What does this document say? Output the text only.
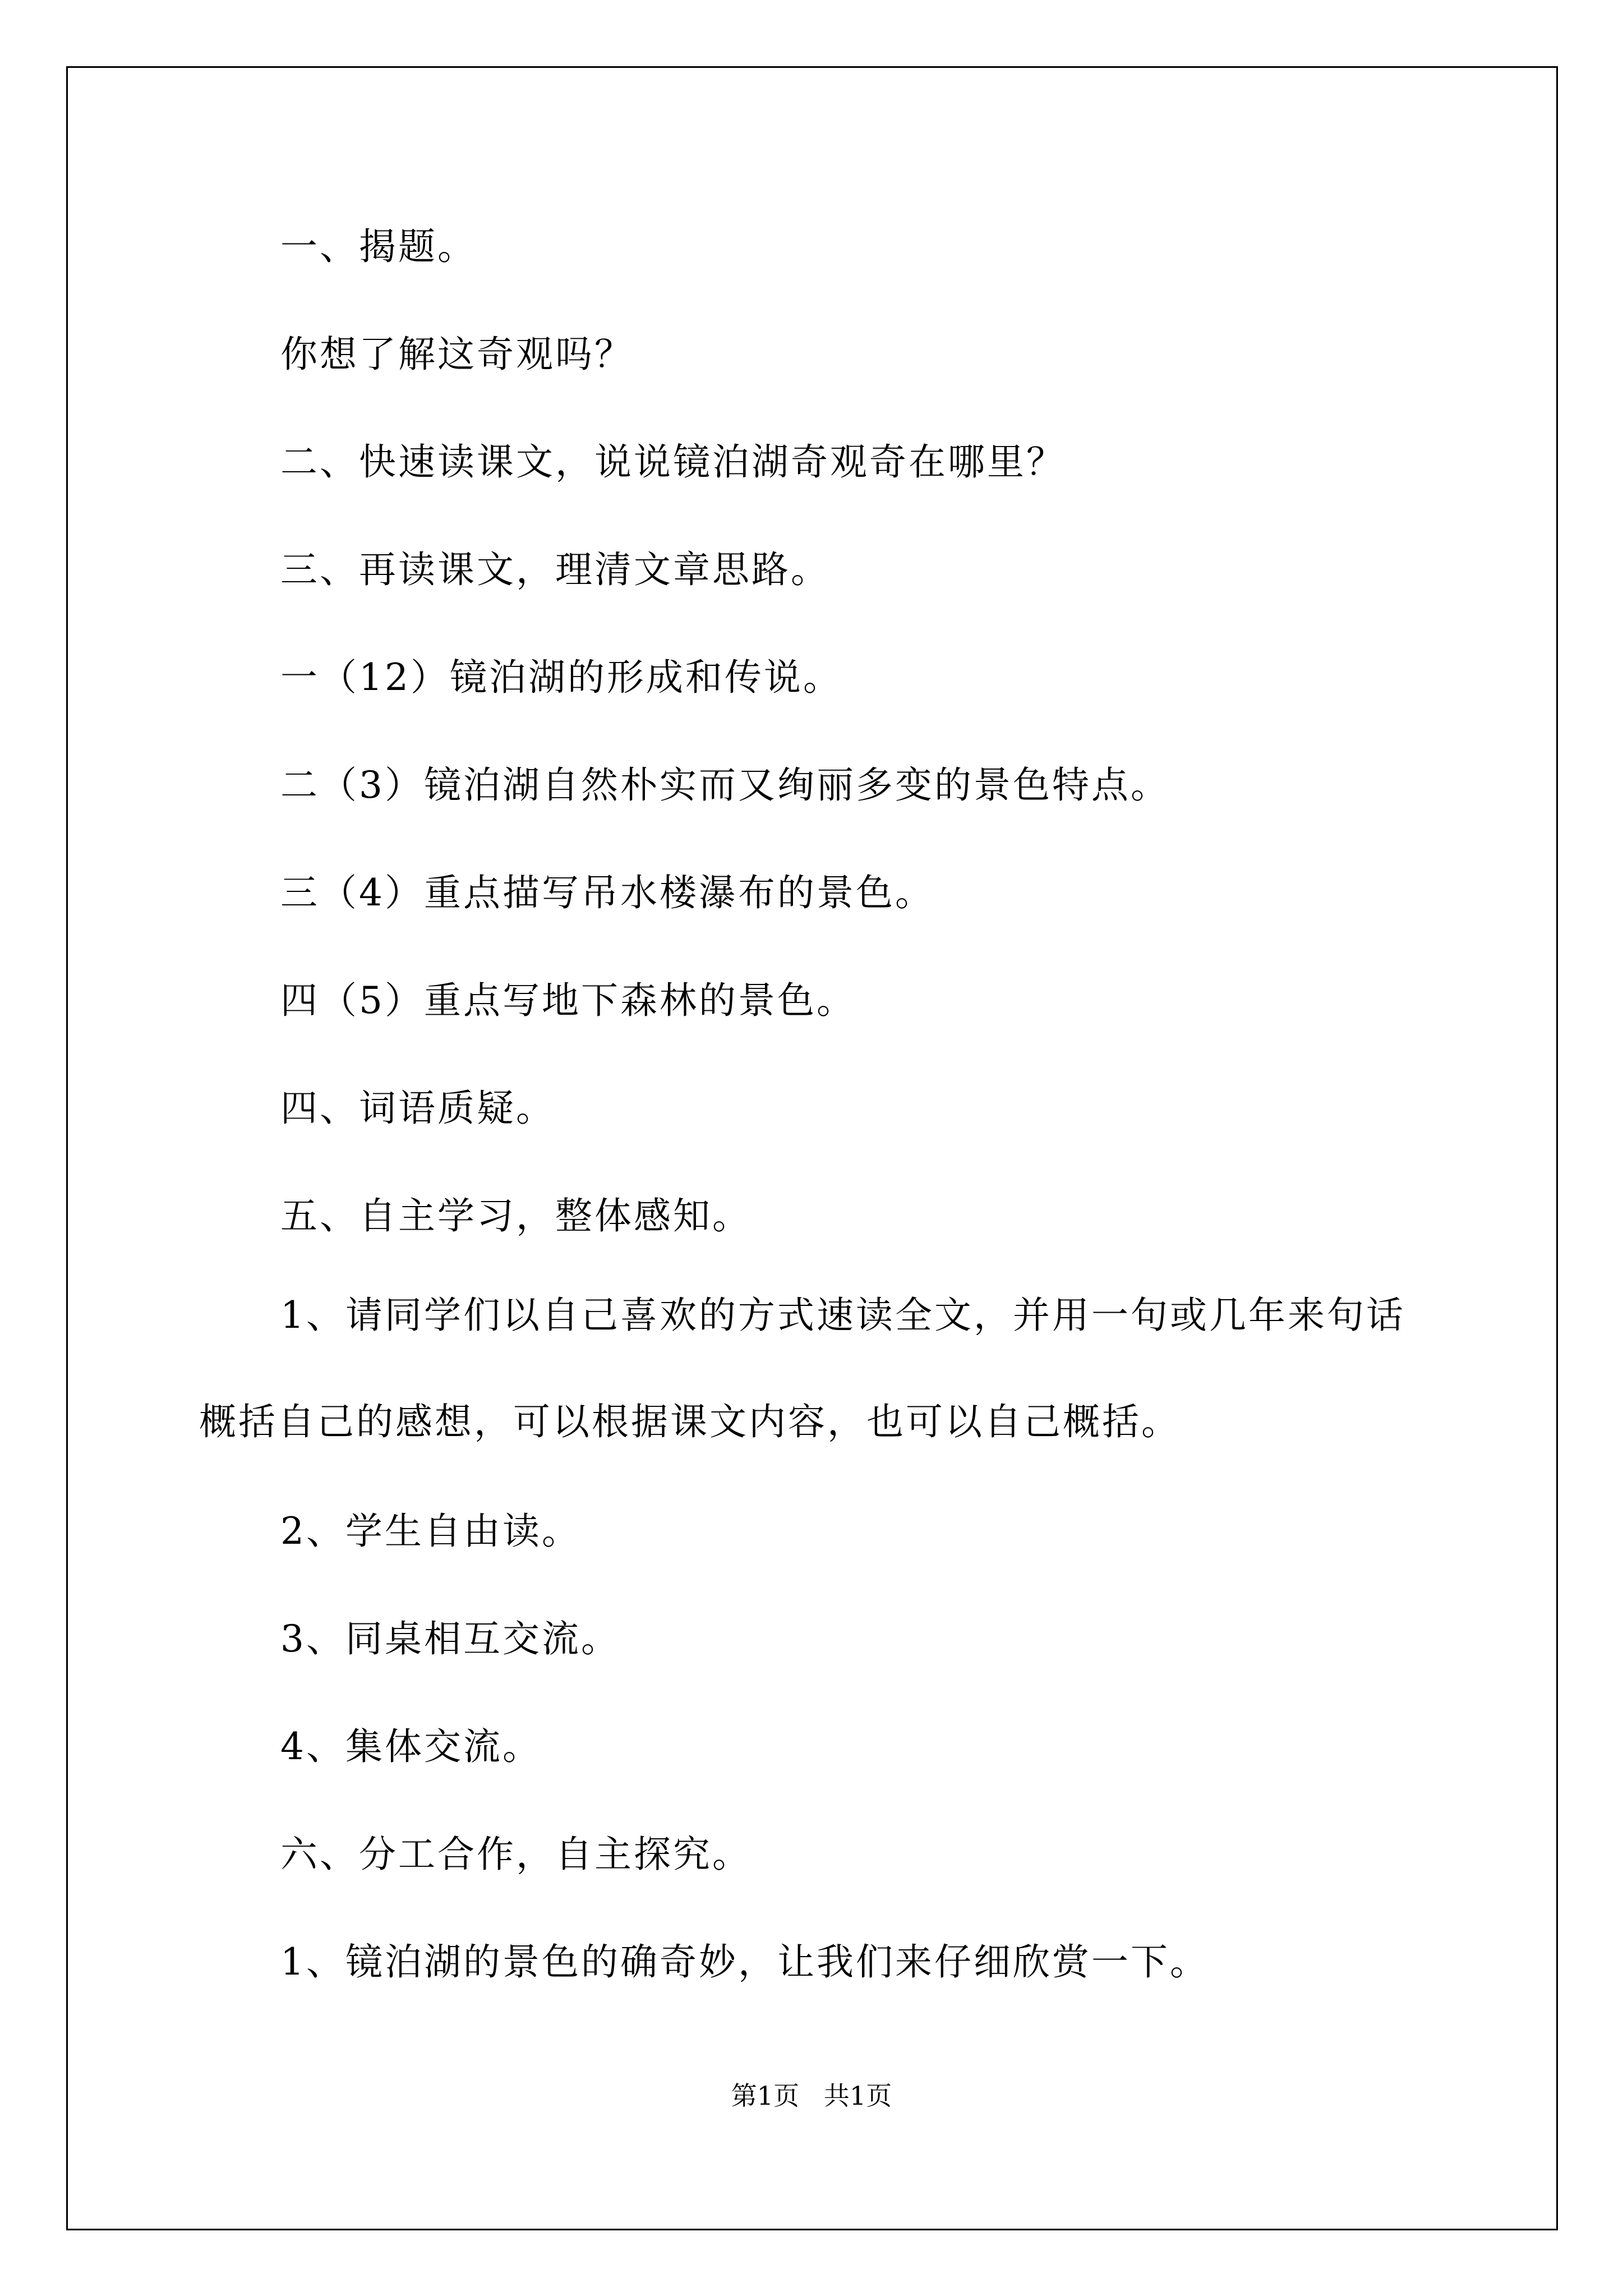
一、揭题。
你想了解这奇观吗？
二、快速读课文，说说镜泊湖奇观奇在哪里？
三、再读课文，理清文章思路。
一（12）镜泊湖的形成和传说。
二（3）镜泊湖自然朴实而又绚丽多变的景色特点。
三（4）重点描写吊水楼瀑布的景色。
四（5）重点写地下森林的景色。
四、词语质疑。
五、自主学习，整体感知。
1、请同学们以自己喜欢的方式速读全文，并用一句或几年来句话
概括自己的感想，可以根据课文内容，也可以自己概括。
2、学生自由读。
3、同桌相互交流。
4、集体交流。
六、分工合作，自主探究。
1、镜泊湖的景色的确奇妙，让我们来仔细欣赏一下。
第1页   共1页
